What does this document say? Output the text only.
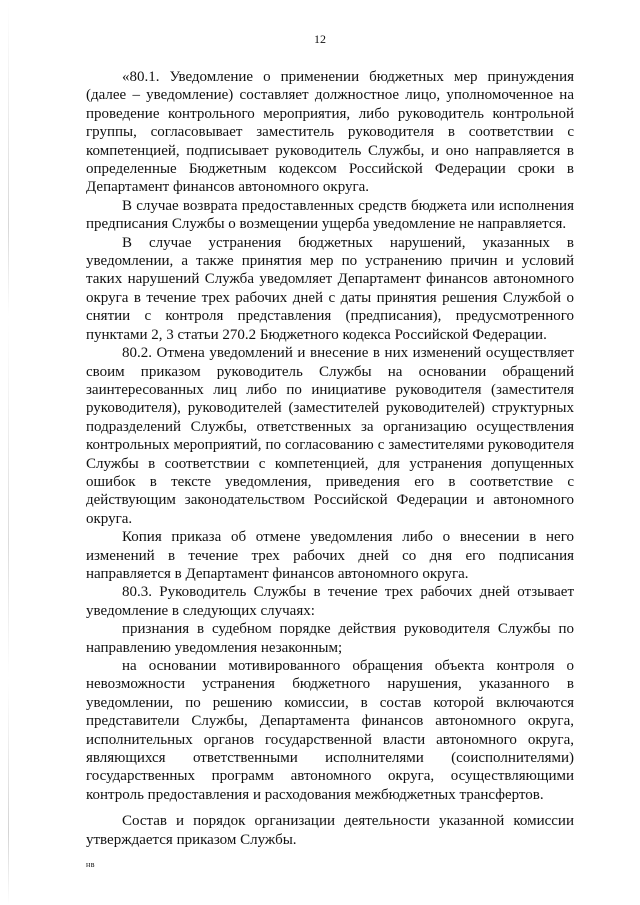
12

«80.1. Уведомление о применении бюджетных мер принуждения (далее – уведомление) составляет должностное лицо, уполномоченное на проведение контрольного мероприятия, либо руководитель контрольной группы, согласовывает заместитель руководителя в соответствии с компетенцией, подписывает руководитель Службы, и оно направляется в определенные Бюджетным кодексом Российской Федерации сроки в Департамент финансов автономного округа.

В случае возврата предоставленных средств бюджета или исполнения предписания Службы о возмещении ущерба уведомление не направляется.

В случае устранения бюджетных нарушений, указанных в уведомлении, а также принятия мер по устранению причин и условий таких нарушений Служба уведомляет Департамент финансов автономного округа в течение трех рабочих дней с даты принятия решения Службой о снятии с контроля представления (предписания), предусмотренного пунктами 2, 3 статьи 270.2 Бюджетного кодекса Российской Федерации.

80.2. Отмена уведомлений и внесение в них изменений осуществляет своим приказом руководитель Службы на основании обращений заинтересованных лиц либо по инициативе руководителя (заместителя руководителя), руководителей (заместителей руководителей) структурных подразделений Службы, ответственных за организацию осуществления контрольных мероприятий, по согласованию с заместителями руководителя Службы в соответствии с компетенцией, для устранения допущенных ошибок в тексте уведомления, приведения его в соответствие с действующим законодательством Российской Федерации и автономного округа.

Копия приказа об отмене уведомления либо о внесении в него изменений в течение трех рабочих дней со дня его подписания направляется в Департамент финансов автономного округа.

80.3. Руководитель Службы в течение трех рабочих дней отзывает уведомление в следующих случаях:

признания в судебном порядке действия руководителя Службы по направлению уведомления незаконным;

на основании мотивированного обращения объекта контроля о невозможности устранения бюджетного нарушения, указанного в уведомлении, по решению комиссии, в состав которой включаются представители Службы, Департамента финансов автономного округа, исполнительных органов государственной власти автономного округа, являющихся ответственными исполнителями (соисполнителями) государственных программ автономного округа, осуществляющими контроль предоставления и расходования межбюджетных трансфертов.

Состав и порядок организации деятельности указанной комиссии утверждается приказом Службы.

нв
